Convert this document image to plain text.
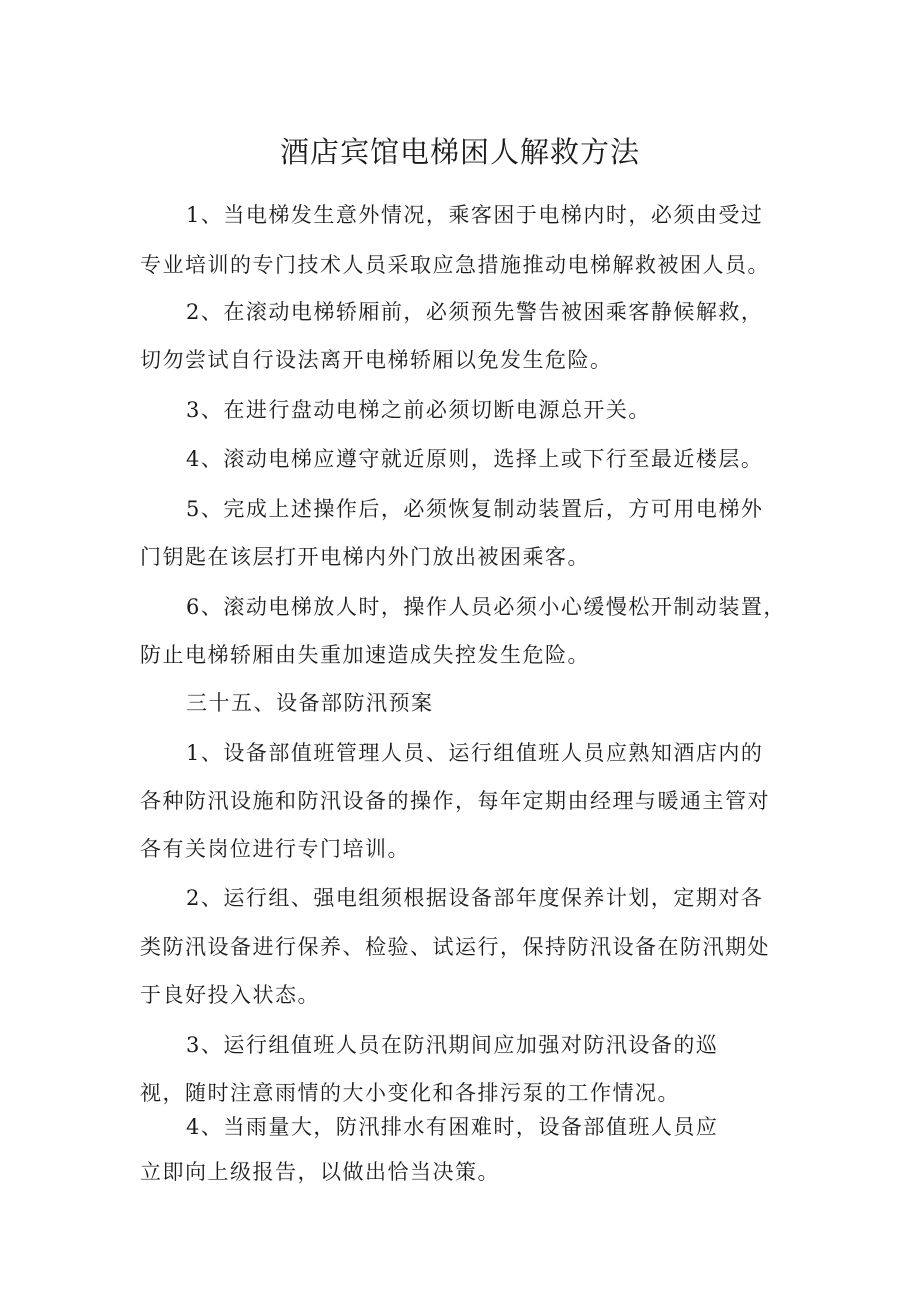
酒店宾馆电梯困人解救方法
1、当电梯发生意外情况，乘客困于电梯内时，必须由受过
专业培训的专门技术人员采取应急措施推动电梯解救被困人员。
2、在滚动电梯轿厢前，必须预先警告被困乘客静候解救，
切勿尝试自行设法离开电梯轿厢以免发生危险。
3、在进行盘动电梯之前必须切断电源总开关。
4、滚动电梯应遵守就近原则，选择上或下行至最近楼层。
5、完成上述操作后，必须恢复制动装置后，方可用电梯外
门钥匙在该层打开电梯内外门放出被困乘客。
6、滚动电梯放人时，操作人员必须小心缓慢松开制动装置，
防止电梯轿厢由失重加速造成失控发生危险。
三十五、设备部防汛预案
1、设备部值班管理人员、运行组值班人员应熟知酒店内的
各种防汛设施和防汛设备的操作，每年定期由经理与暖通主管对
各有关岗位进行专门培训。
2、运行组、强电组须根据设备部年度保养计划，定期对各
类防汛设备进行保养、检验、试运行，保持防汛设备在防汛期处
于良好投入状态。
3、运行组值班人员在防汛期间应加强对防汛设备的巡
视，随时注意雨情的大小变化和各排污泵的工作情况。
4、当雨量大，防汛排水有困难时，设备部值班人员应
立即向上级报告，以做出恰当决策。
